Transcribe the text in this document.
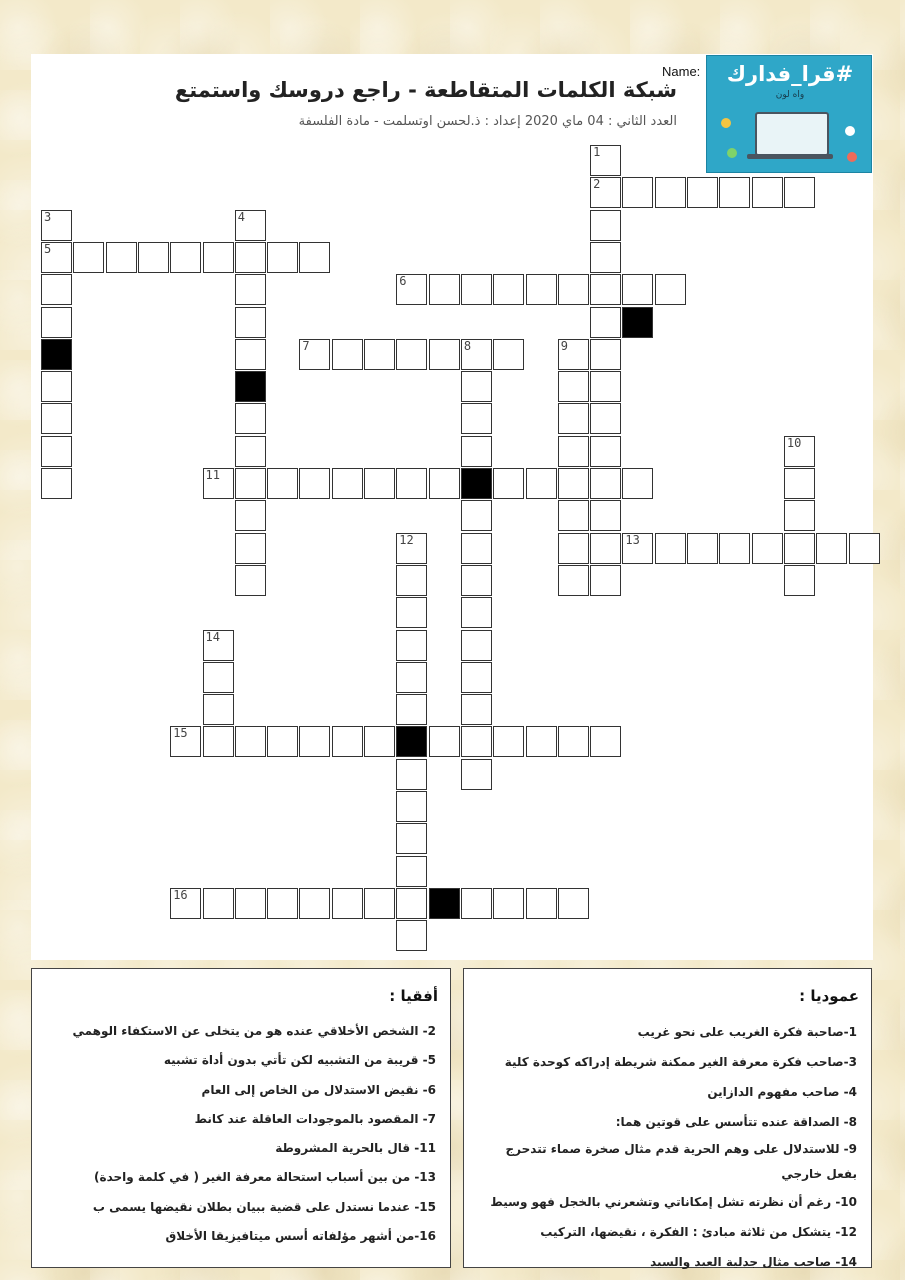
Name:
شبكة الكلمات المتقاطعة - راجع دروسك واستمتع
العدد الثاني : 04 ماي 2020 إعداد : ذ.لحسن اوتسلمت - مادة الفلسفة
#قرا_فدارك
واه لون
1
2
3
5
4
6
7	8	9
10
11
12	13
14
15
16
عموديا :
1-صاحبة فكرة الغريب على نحو غريب
3-صاحب فكرة معرفة الغير ممكنة شريطة إدراكه كوحدة كلية
4- صاحب مفهوم الدازاين
8- الصداقة عنده تتأسس على قوتين هما:
9- للاستدلال على وهم الحرية قدم مثال صخرة صماء تتدحرج بفعل خارجي
10- رغم أن نظرته تشل إمكاناتي وتشعرني بالخجل فهو وسيط
12- يتشكل من ثلاثة مبادئ : الفكرة ، نقيضها، التركيب
14- صاحب مثال جدلية العبد والسيد
أفقيا :
2- الشخص الأخلاقي عنده هو من يتخلى عن الاستكفاء الوهمي
5- قريبة من التشبيه لكن تأتي بدون أداة تشبيه
6- نقيض الاستدلال من الخاص إلى العام
7- المقصود بالموجودات العاقلة عند كانط
11- قال بالحرية المشروطة
13- من بين أسباب استحالة معرفة الغير ( في كلمة واحدة)
15- عندما نستدل على قضية ببيان بطلان نقيضها يسمى ب
16-من أشهر مؤلفاته أسس ميتافيزيقا الأخلاق
